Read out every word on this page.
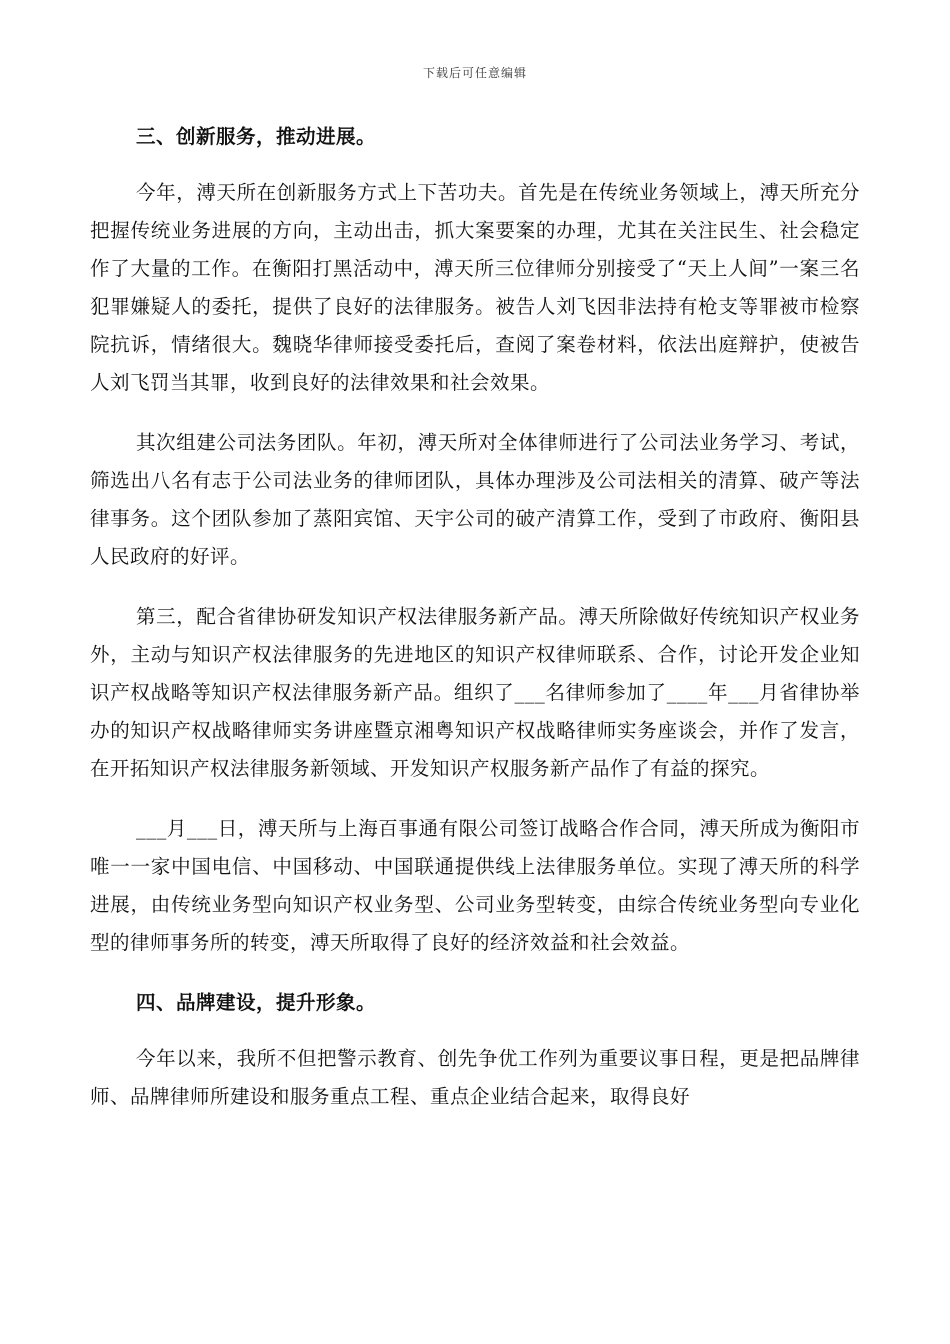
下载后可任意编辑
三、创新服务，推动进展。

今年，溥天所在创新服务方式上下苦功夫。首先是在传统业务领域上，溥天所充分把握传统业务进展的方向，主动出击，抓大案要案的办理，尤其在关注民生、社会稳定作了大量的工作。在衡阳打黑活动中，溥天所三位律师分别接受了“天上人间”一案三名犯罪嫌疑人的委托，提供了良好的法律服务。被告人刘飞因非法持有枪支等罪被市检察院抗诉，情绪很大。魏晓华律师接受委托后，查阅了案卷材料，依法出庭辩护，使被告人刘飞罚当其罪，收到良好的法律效果和社会效果。

其次组建公司法务团队。年初，溥天所对全体律师进行了公司法业务学习、考试，筛选出八名有志于公司法业务的律师团队，具体办理涉及公司法相关的清算、破产等法律事务。这个团队参加了蒸阳宾馆、天宇公司的破产清算工作，受到了市政府、衡阳县人民政府的好评。

第三，配合省律协研发知识产权法律服务新产品。溥天所除做好传统知识产权业务外，主动与知识产权法律服务的先进地区的知识产权律师联系、合作，讨论开发企业知识产权战略等知识产权法律服务新产品。组织了___名律师参加了____年___月省律协举办的知识产权战略律师实务讲座暨京湘粤知识产权战略律师实务座谈会，并作了发言，在开拓知识产权法律服务新领域、开发知识产权服务新产品作了有益的探究。

___月___日，溥天所与上海百事通有限公司签订战略合作合同，溥天所成为衡阳市唯一一家中国电信、中国移动、中国联通提供线上法律服务单位。实现了溥天所的科学进展，由传统业务型向知识产权业务型、公司业务型转变，由综合传统业务型向专业化型的律师事务所的转变，溥天所取得了良好的经济效益和社会效益。

四、品牌建设，提升形象。

今年以来，我所不但把警示教育、创先争优工作列为重要议事日程，更是把品牌律师、品牌律师所建设和服务重点工程、重点企业结合起来，取得良好
